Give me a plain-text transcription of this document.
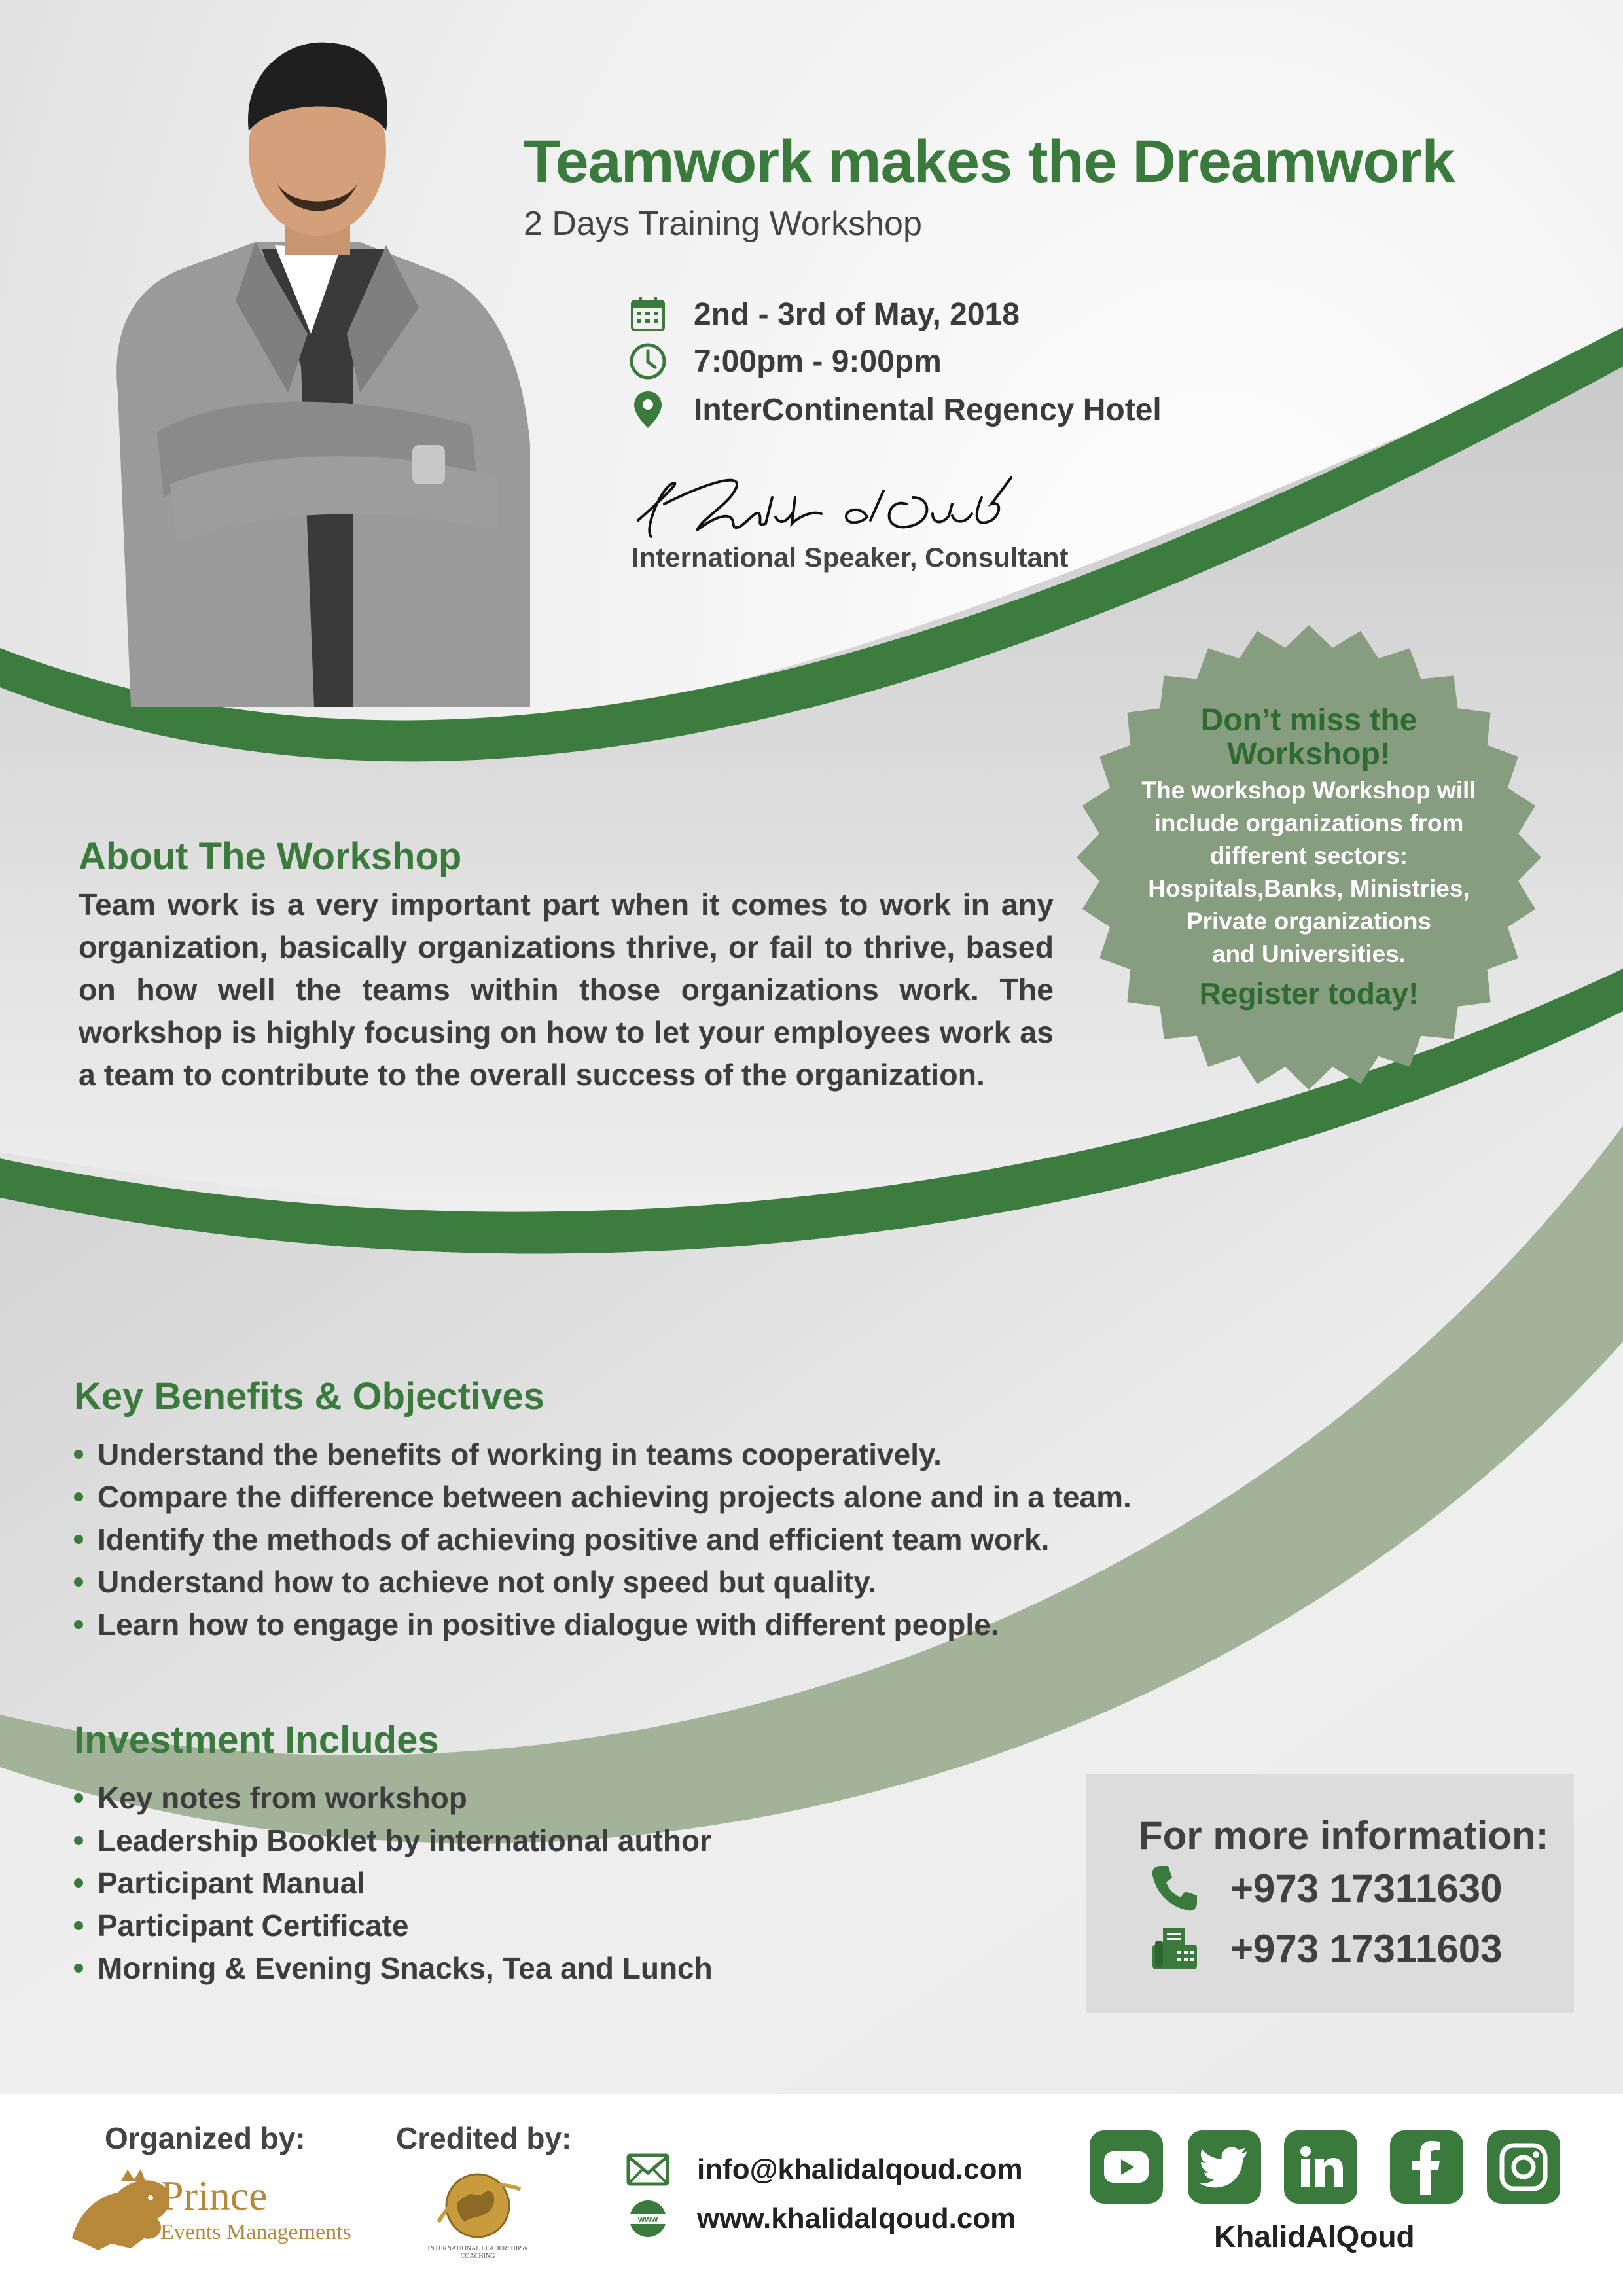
Teamwork makes the Dreamwork
2 Days Training Workshop
2nd - 3rd of May, 2018
7:00pm - 9:00pm
InterContinental Regency Hotel
International Speaker, Consultant
Don’t miss the
Workshop!
The workshop Workshop will
include organizations from
different sectors:
Hospitals,Banks, Ministries,
Private organizations
and Universities.
Register today!
About The Workshop
Team work is a very important part when it comes to work in any organization, basically organizations thrive, or fail to thrive, based on how well the teams within those organizations work. The workshop is highly focusing on how to let your employees work as a team to contribute to the overall success of the organization.
Key Benefits & Objectives
Understand the benefits of working in teams cooperatively.
Compare the difference between achieving projects alone and in a team.
Identify the methods of achieving positive and efficient team work.
Understand how to achieve not only speed but quality.
Learn how to engage in positive dialogue with different people.
Investment Includes
Key notes from workshop
Leadership Booklet by international author
Participant Manual
Participant Certificate
Morning & Evening Snacks, Tea and Lunch
For more information:
+973 17311630
+973 17311603
Organized by:	Credited by:
Prince
Events Managements
INTERNATIONAL LEADERSHIP & COACHING
info@khalidalqoud.com
www www.khalidalqoud.com
KhalidAlQoud
